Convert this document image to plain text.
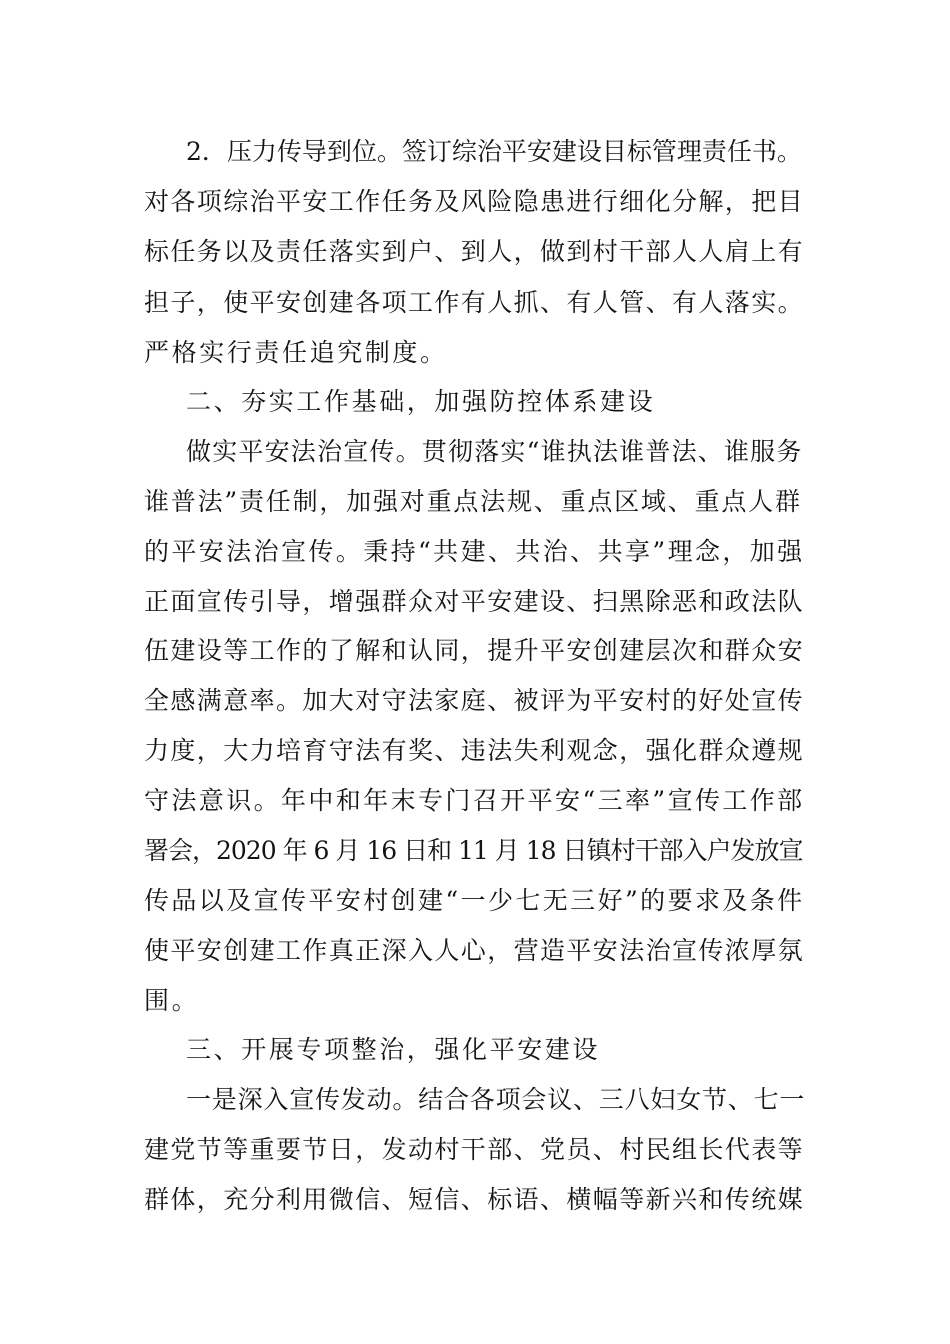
2．压力传导到位。签订综治平安建设目标管理责任书。

对各项综治平安工作任务及风险隐患进行细化分解，把目

标任务以及责任落实到户、到人，做到村干部人人肩上有

担子，使平安创建各项工作有人抓、有人管、有人落实。

严格实行责任追究制度。

二、夯实工作基础，加强防控体系建设

做实平安法治宣传。贯彻落实“谁执法谁普法、谁服务

谁普法”责任制，加强对重点法规、重点区域、重点人群

的平安法治宣传。秉持“共建、共治、共享”理念，加强

正面宣传引导，增强群众对平安建设、扫黑除恶和政法队

伍建设等工作的了解和认同，提升平安创建层次和群众安

全感满意率。加大对守法家庭、被评为平安村的好处宣传

力度，大力培育守法有奖、违法失利观念，强化群众遵规

守法意识。年中和年末专门召开平安“三率”宣传工作部

署会，2020 年 6 月 16 日和 11 月 18 日镇村干部入户发放宣

传品以及宣传平安村创建“一少七无三好”的要求及条件

使平安创建工作真正深入人心，营造平安法治宣传浓厚氛

围。

三、开展专项整治，强化平安建设

一是深入宣传发动。结合各项会议、三八妇女节、七一

建党节等重要节日，发动村干部、党员、村民组长代表等

群体，充分利用微信、短信、标语、横幅等新兴和传统媒
